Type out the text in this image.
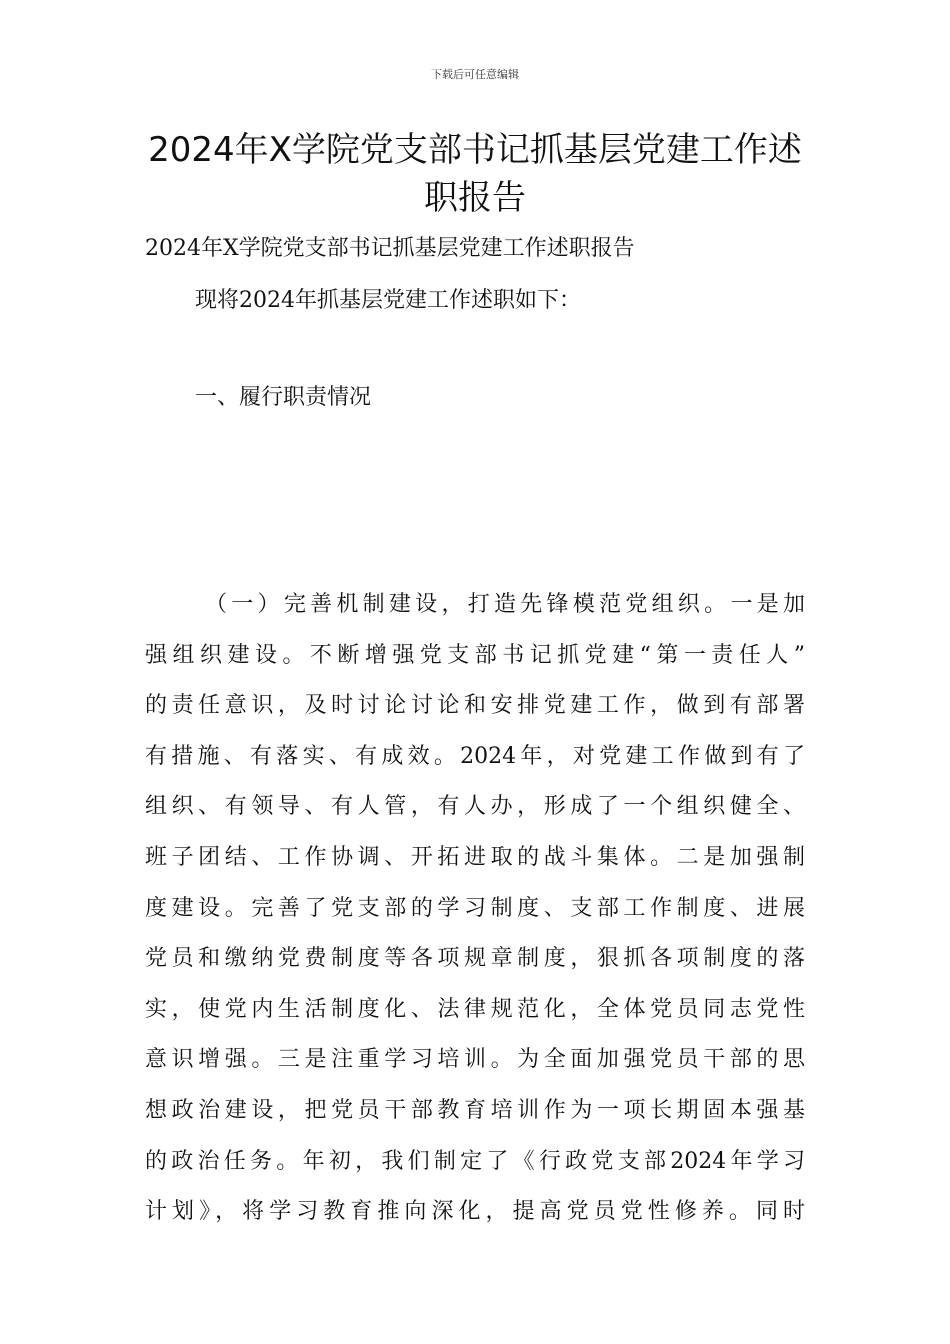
下载后可任意编辑
2024年X学院党支部书记抓基层党建工作述职报告
2024年X学院党支部书记抓基层党建工作述职报告
现将2024年抓基层党建工作述职如下：
一、履行职责情况
（一）完善机制建设，打造先锋模范党组织。一是加
强组织建设。不断增强党支部书记抓党建“第一责任人”
的责任意识，及时讨论讨论和安排党建工作，做到有部署
有措施、有落实、有成效。2024年，对党建工作做到有了
组织、有领导、有人管，有人办，形成了一个组织健全、
班子团结、工作协调、开拓进取的战斗集体。二是加强制
度建设。完善了党支部的学习制度、支部工作制度、进展
党员和缴纳党费制度等各项规章制度，狠抓各项制度的落
实，使党内生活制度化、法律规范化，全体党员同志党性
意识增强。三是注重学习培训。为全面加强党员干部的思
想政治建设，把党员干部教育培训作为一项长期固本强基
的政治任务。年初，我们制定了《行政党支部2024年学习
计划》，将学习教育推向深化，提高党员党性修养。同时
